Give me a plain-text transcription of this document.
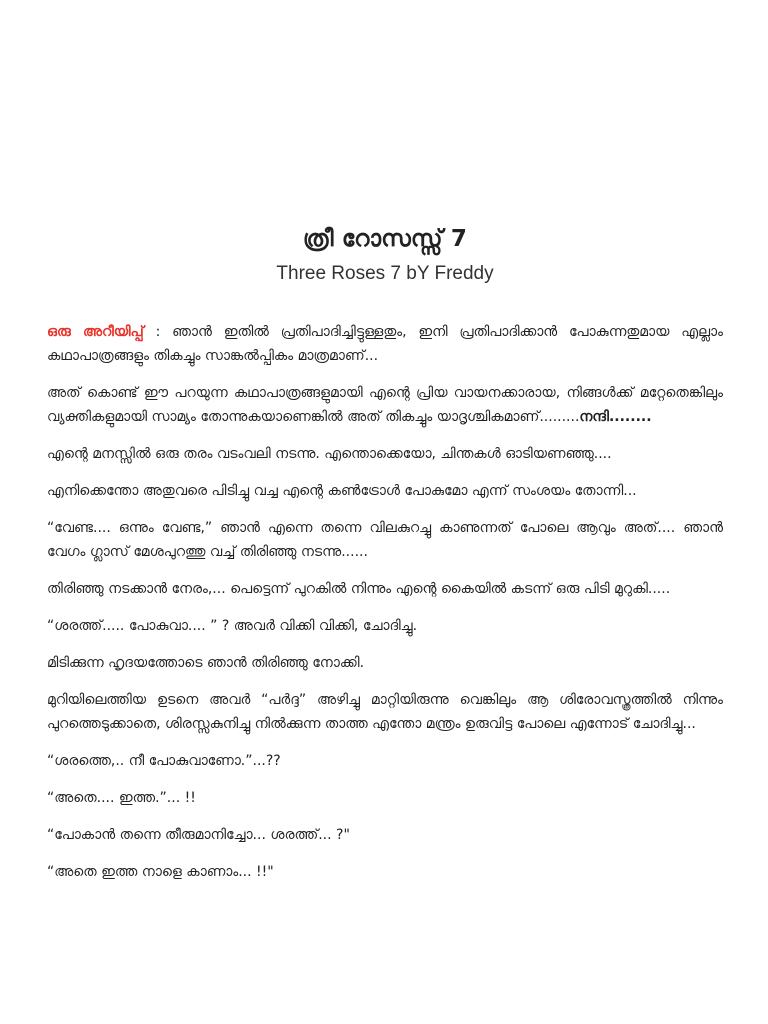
ത്രീ റോസസ്സ് 7
Three Roses 7 bY Freddy

ഒരു അറീയിപ്പ് : ഞാൻ ഇതിൽ പ്രതിപാദിച്ചിട്ടുള്ളതും, ഇനി പ്രതിപാദിക്കാൻ പോകുന്നതുമായ എല്ലാം കഥാപാത്രങ്ങളും തികച്ചും സാങ്കൽപ്പികം മാത്രമാണ്...

അത് കൊണ്ട് ഈ പറയുന്ന കഥാപാത്രങ്ങളുമായി എന്റെ പ്രിയ വായനക്കാരായ, നിങ്ങൾക്ക് മറ്റേതെങ്കിലും വ്യക്തികളുമായി സാമ്യം തോന്നുകയാണെങ്കിൽ അത് തികച്ചും യാദൃശ്ചികമാണ്.........നന്ദി........

എന്റെ മനസ്സിൽ ഒരു തരം വടംവലി നടന്നു. എന്തൊക്കെയോ, ചിന്തകൾ ഓടിയണഞ്ഞു....

എനിക്കെന്തോ അതുവരെ പിടിച്ചു വച്ച എന്റെ കൺട്രോൾ പോകുമോ എന്ന് സംശയം തോന്നി...

“വേണ്ട.... ഒന്നും വേണ്ട,” ഞാൻ എന്നെ തന്നെ വിലകുറച്ചു കാണുന്നത് പോലെ ആവും അത്.... ഞാൻ വേഗം ഗ്ലാസ് മേശപുറത്തു വച്ച് തിരിഞ്ഞു നടന്നു......

തിരിഞ്ഞു നടക്കാൻ നേരം,... പെട്ടെന്ന് പുറകിൽ നിന്നും എന്റെ കൈയിൽ കടന്ന് ഒരു പിടി മുറുകി.....

“ശരത്ത്..... പോകുവാ.... ” ? അവർ വിക്കി വിക്കി, ചോദിച്ചു.

മിടിക്കുന്ന ഹൃദയത്തോടെ ഞാൻ തിരിഞ്ഞു നോക്കി.

മുറിയിലെത്തിയ ഉടനെ അവർ “പർദ്ദ” അഴിച്ചു മാറ്റിയിരുന്നു വെങ്കിലും ആ ശിരോവസ്ത്രത്തിൽ നിന്നും പുറത്തെടുക്കാതെ, ശിരസ്സകുനിച്ചു നിൽക്കുന്ന താത്ത എന്തോ മന്ത്രം ഉരുവിട്ട പോലെ എന്നോട് ചോദിച്ചു...

“ശരത്തെ,.. നീ പോകുവാണോ.”...??

“അതെ.... ഇത്ത.”... !!

“പോകാൻ തന്നെ തീരുമാനിച്ചോ... ശരത്ത്... ?"

“അതെ ഇത്ത നാളെ കാണാം... !!"
